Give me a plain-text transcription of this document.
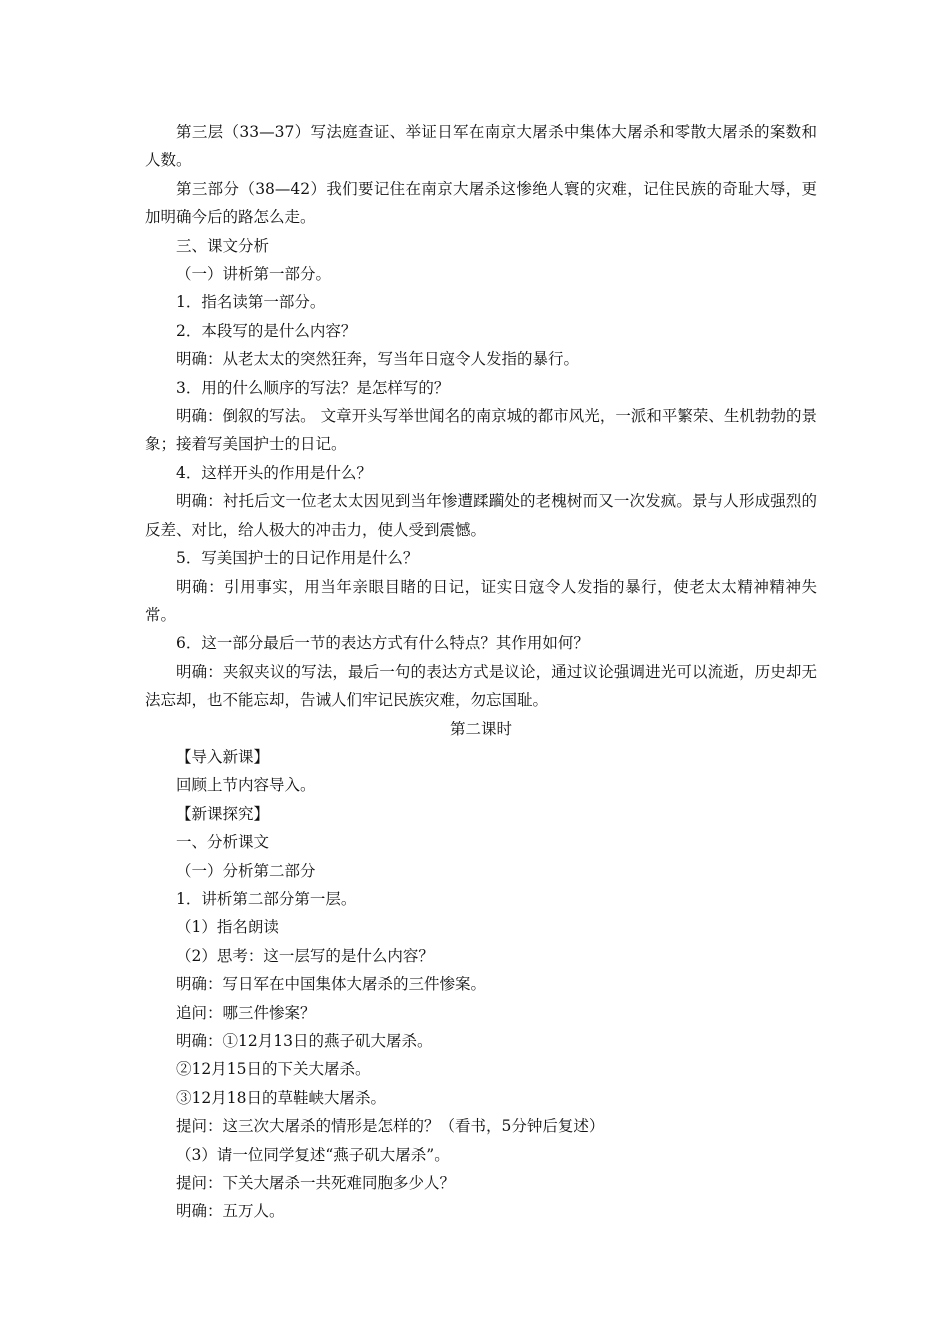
第三层（33—37）写法庭查证、举证日军在南京大屠杀中集体大屠杀和零散大屠杀的案数和人数。

第三部分（38—42）我们要记住在南京大屠杀这惨绝人寰的灾难，记住民族的奇耻大辱，更加明确今后的路怎么走。

三、课文分析

（一）讲析第一部分。

1．指名读第一部分。

2．本段写的是什么内容？

明确：从老太太的突然狂奔，写当年日寇令人发指的暴行。

3．用的什么顺序的写法？是怎样写的？

明确：倒叙的写法。 文章开头写举世闻名的南京城的都市风光，一派和平繁荣、生机勃勃的景象；接着写美国护士的日记。

4．这样开头的作用是什么？

明确：衬托后文一位老太太因见到当年惨遭蹂躏处的老槐树而又一次发疯。景与人形成强烈的反差、对比，给人极大的冲击力，使人受到震憾。

5．写美国护士的日记作用是什么？

明确：引用事实，用当年亲眼目睹的日记，证实日寇令人发指的暴行，使老太太精神精神失常。

6．这一部分最后一节的表达方式有什么特点？其作用如何？

明确：夹叙夹议的写法，最后一句的表达方式是议论，通过议论强调进光可以流逝，历史却无法忘却，也不能忘却，告诫人们牢记民族灾难，勿忘国耻。

第二课时

【导入新课】

回顾上节内容导入。

【新课探究】

一、分析课文

（一）分析第二部分

1．讲析第二部分第一层。

（1）指名朗读

（2）思考：这一层写的是什么内容？

明确：写日军在中国集体大屠杀的三件惨案。

追问：哪三件惨案？

明确：①12月13日的燕子矶大屠杀。

②12月15日的下关大屠杀。

③12月18日的草鞋峡大屠杀。

提问：这三次大屠杀的情形是怎样的？（看书，5分钟后复述）

（3）请一位同学复述“燕子矶大屠杀”。

提问：下关大屠杀一共死难同胞多少人？

明确：五万人。
